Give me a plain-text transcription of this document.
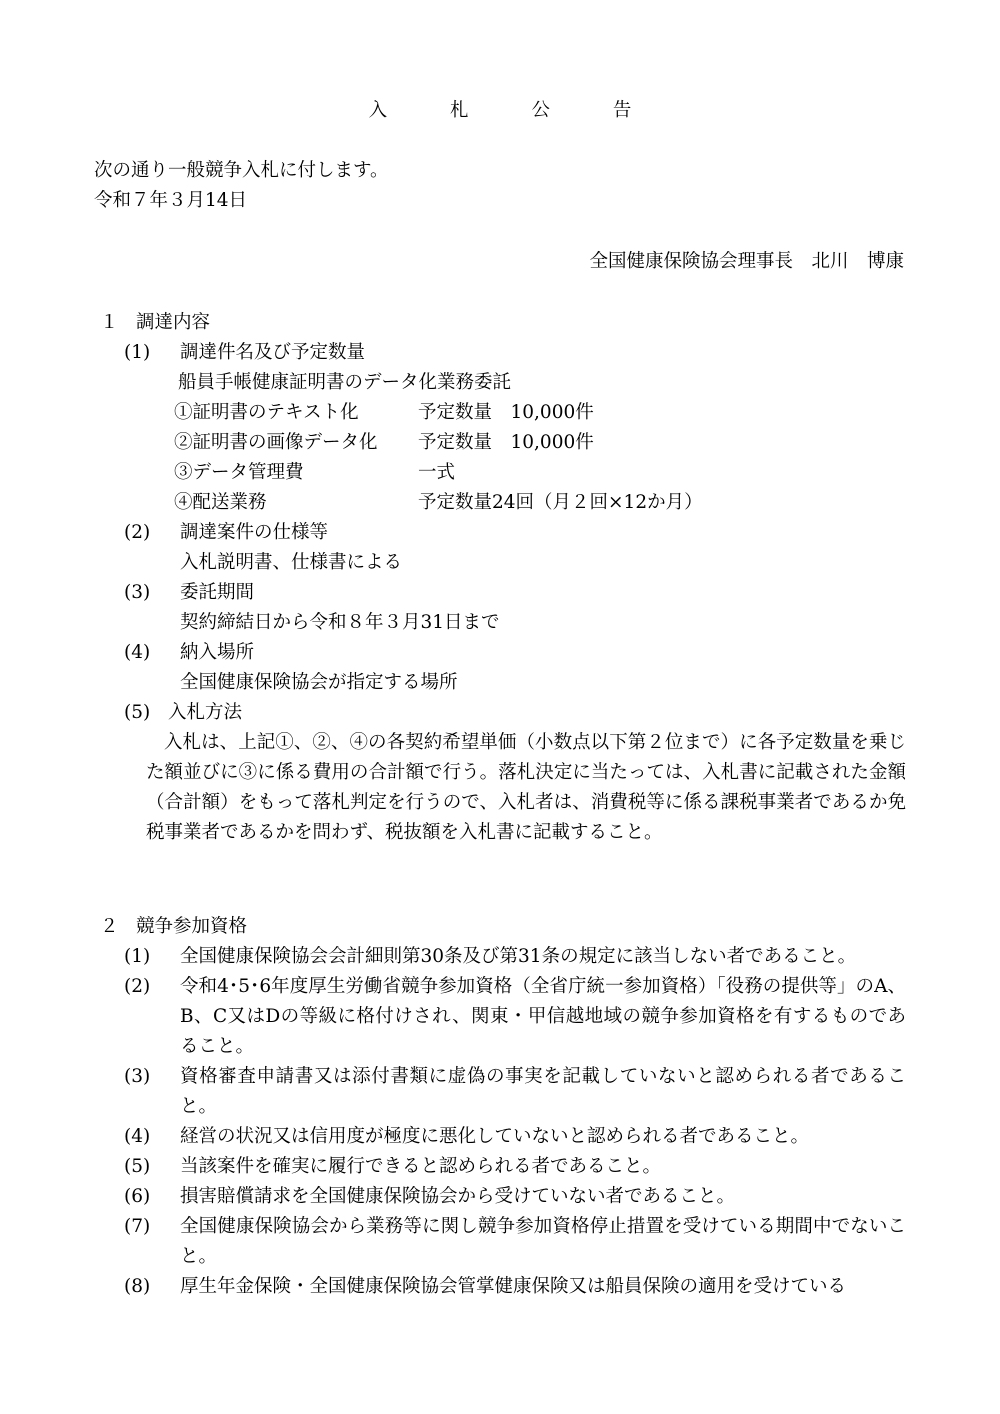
入　札　公　告
次の通り一般競争入札に付します。
令和７年３月14日
全国健康保険協会理事長　北川　博康
１ 調達内容
(1) 調達件名及び予定数量
船員手帳健康証明書のデータ化業務委託
①証明書のテキスト化	予定数量　10,000件
②証明書の画像データ化 予定数量　10,000件
③データ管理費	一式
④配送業務	予定数量24回（月２回×12か月）
(2) 調達案件の仕様等
入札説明書、仕様書による
(3) 委託期間
契約締結日から令和８年３月31日まで
(4) 納入場所
全国健康保険協会が指定する場所
(5) 入札方法
入札は、上記①、②、④の各契約希望単価（小数点以下第２位まで）に各予定数量を乗じた額並びに③に係る費用の合計額で行う。落札決定に当たっては、入札書に記載された金額（合計額）をもって落札判定を行うので、入札者は、消費税等に係る課税事業者であるか免税事業者であるかを問わず、税抜額を入札書に記載すること。
２ 競争参加資格
(1) 全国健康保険協会会計細則第30条及び第31条の規定に該当しない者であること。
(2) 令和4･5･6年度厚生労働省競争参加資格（全省庁統一参加資格）「役務の提供等」のA、B、C又はDの等級に格付けされ、関東・甲信越地域の競争参加資格を有するものであること。
(3) 資格審査申請書又は添付書類に虚偽の事実を記載していないと認められる者であること。
(4) 経営の状況又は信用度が極度に悪化していないと認められる者であること。
(5) 当該案件を確実に履行できると認められる者であること。
(6) 損害賠償請求を全国健康保険協会から受けていない者であること。
(7) 全国健康保険協会から業務等に関し競争参加資格停止措置を受けている期間中でないこと。
(8) 厚生年金保険・全国健康保険協会管掌健康保険又は船員保険の適用を受けている
